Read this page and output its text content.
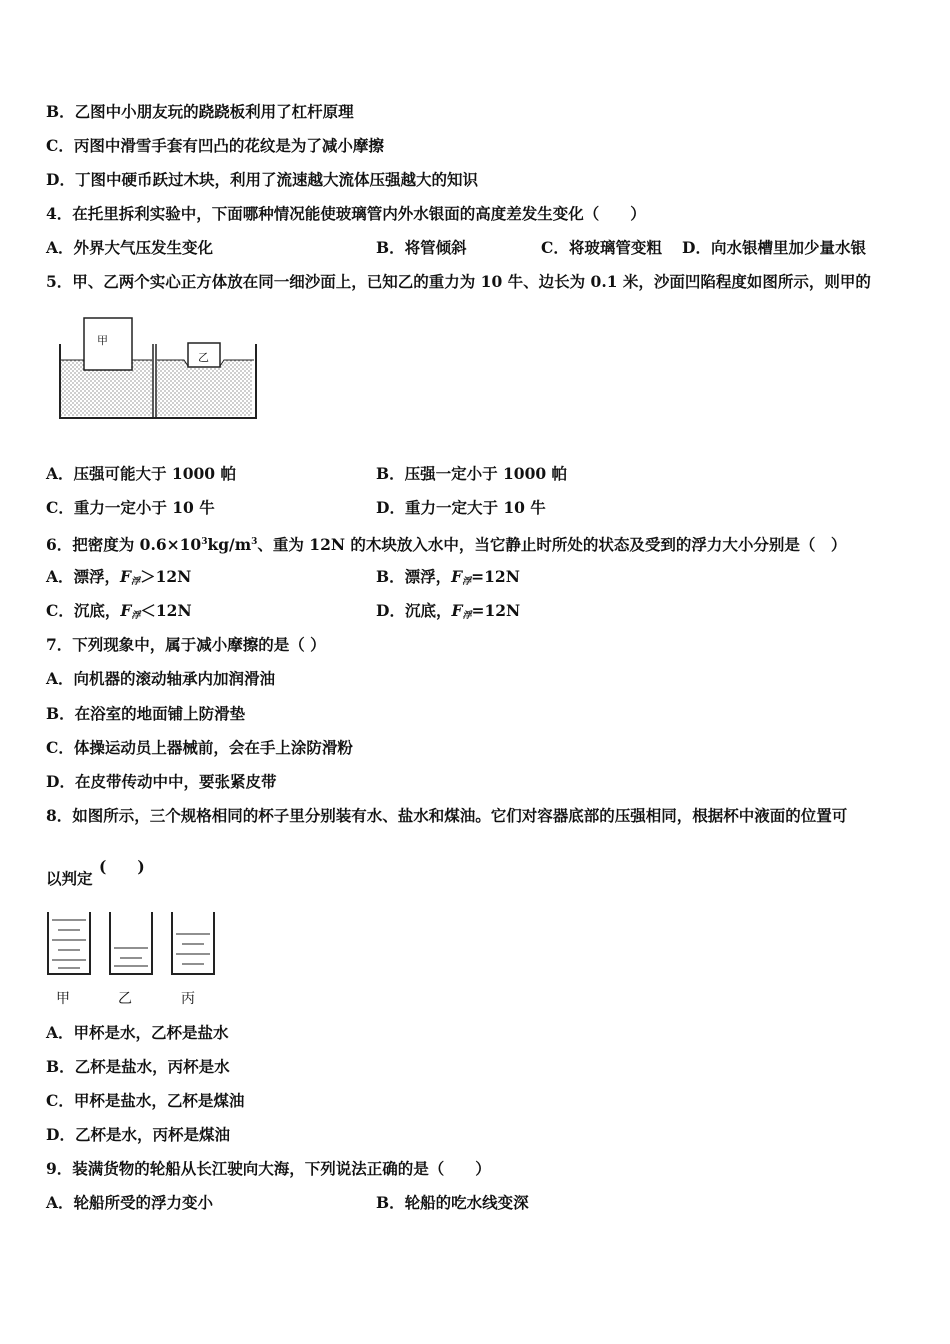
B．乙图中小朋友玩的跷跷板利用了杠杆原理
C．丙图中滑雪手套有凹凸的花纹是为了减小摩擦
D．丁图中硬币跃过木块，利用了流速越大流体压强越大的知识
4．在托里拆利实验中，下面哪种情况能使玻璃管内外水银面的高度差发生变化（　　）
A．外界大气压发生变化	B．将管倾斜	C．将玻璃管变粗 D．向水银槽里加少量水银
5．甲、乙两个实心正方体放在同一细沙面上，已知乙的重力为 10 牛、边长为 0.1 米，沙面凹陷程度如图所示，则甲的
甲
乙
A．压强可能大于 1000 帕	B．压强一定小于 1000 帕
C．重力一定小于 10 牛	D．重力一定大于 10 牛
6．把密度为 $0.6\times 10^3kg/m^3$、重为 12N 的木块放入水中，当它静止时所处的状态及受到的浮力大小分别是（　）
A．漂浮，$F_浮>12N$	B．漂浮，$F_浮=12N$
C．沉底，$F_浮<12N$	D．沉底，$F_浮=12N$
7．下列现象中，属于减小摩擦的是（ ）
A．向机器的滚动轴承内加润滑油
B．在浴室的地面铺上防滑垫
C．体操运动员上器械前，会在手上涂防滑粉
D．在皮带传动中中，要张紧皮带
8．如图所示，三个规格相同的杯子里分别装有水、盐水和煤油。它们对容器底部的压强相同，根据杯中液面的位置可
以判定
(　　)
甲	乙	丙
A．甲杯是水，乙杯是盐水
B．乙杯是盐水，丙杯是水
C．甲杯是盐水，乙杯是煤油
D．乙杯是水，丙杯是煤油
9．装满货物的轮船从长江驶向大海，下列说法正确的是（　　）
A．轮船所受的浮力变小	B．轮船的吃水线变深
